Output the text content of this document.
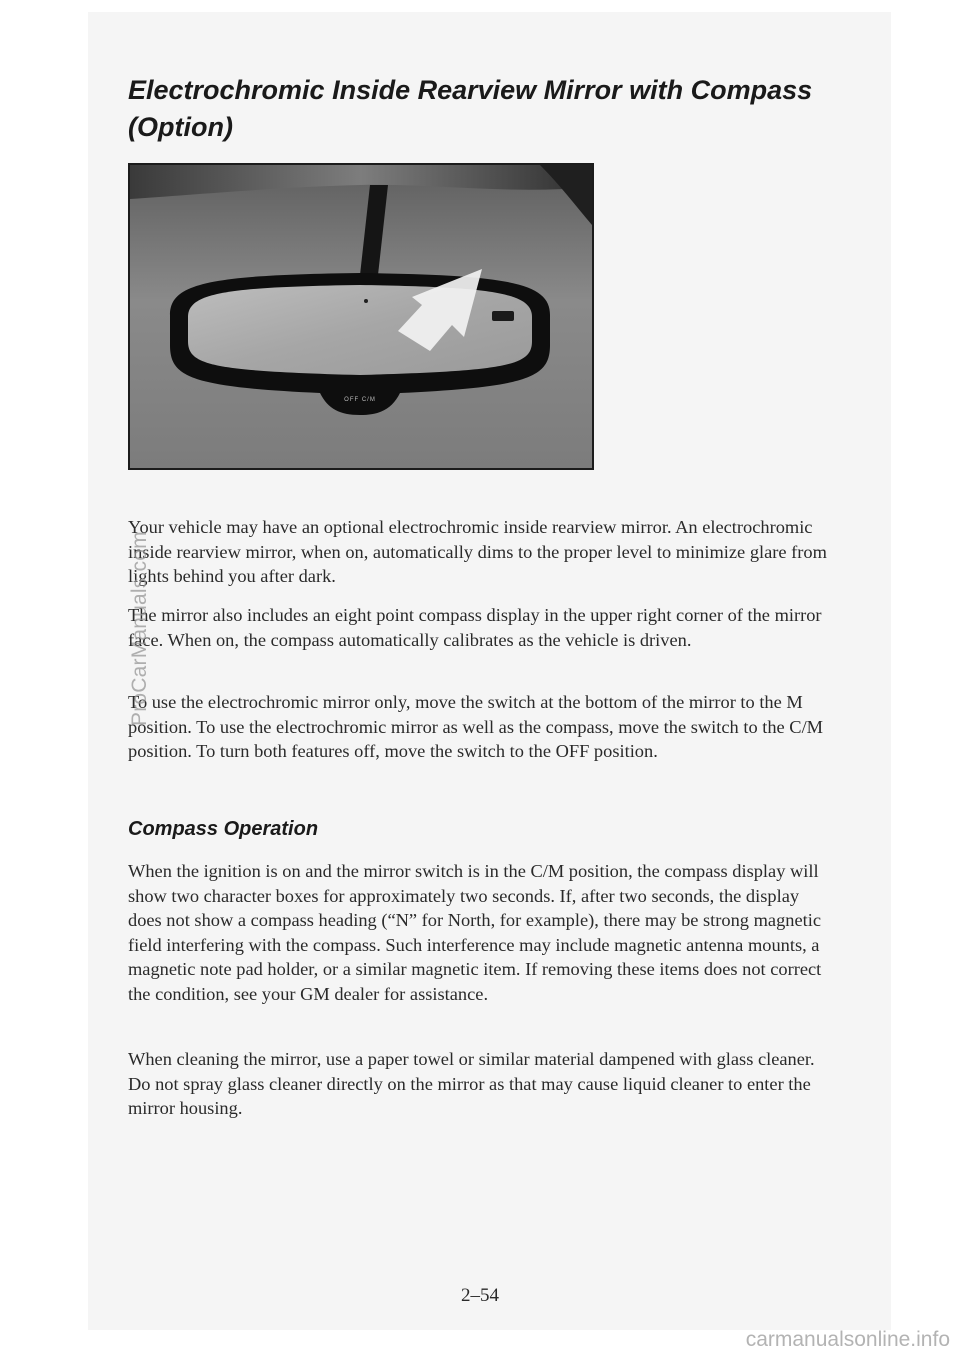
Electrochromic Inside Rearview Mirror with Compass (Option)
OFF C/M

Your vehicle may have an optional electrochromic inside rearview mirror. An electrochromic inside rearview mirror, when on, automatically dims to the proper level to minimize glare from lights behind you after dark.

The mirror also includes an eight point compass display in the upper right corner of the mirror face. When on, the compass automatically calibrates as the vehicle is driven.

To use the electrochromic mirror only, move the switch at the bottom of the mirror to the M position. To use the electrochromic mirror as well as the compass, move the switch to the C/M position. To turn both features off, move the switch to the OFF position.

Compass Operation

When the ignition is on and the mirror switch is in the C/M position, the compass display will show two character boxes for approximately two seconds. If, after two seconds, the display does not show a compass heading (“N” for North, for example), there may be strong magnetic field interfering with the compass. Such interference may include magnetic antenna mounts, a magnetic note pad holder, or a similar magnetic item. If removing these items does not correct the condition, see your GM dealer for assistance.

When cleaning the mirror, use a paper towel or similar material dampened with glass cleaner. Do not spray glass cleaner directly on the mirror as that may cause liquid cleaner to enter the mirror housing.

2–54
ProCarManuals.com
carmanualsonline.info
